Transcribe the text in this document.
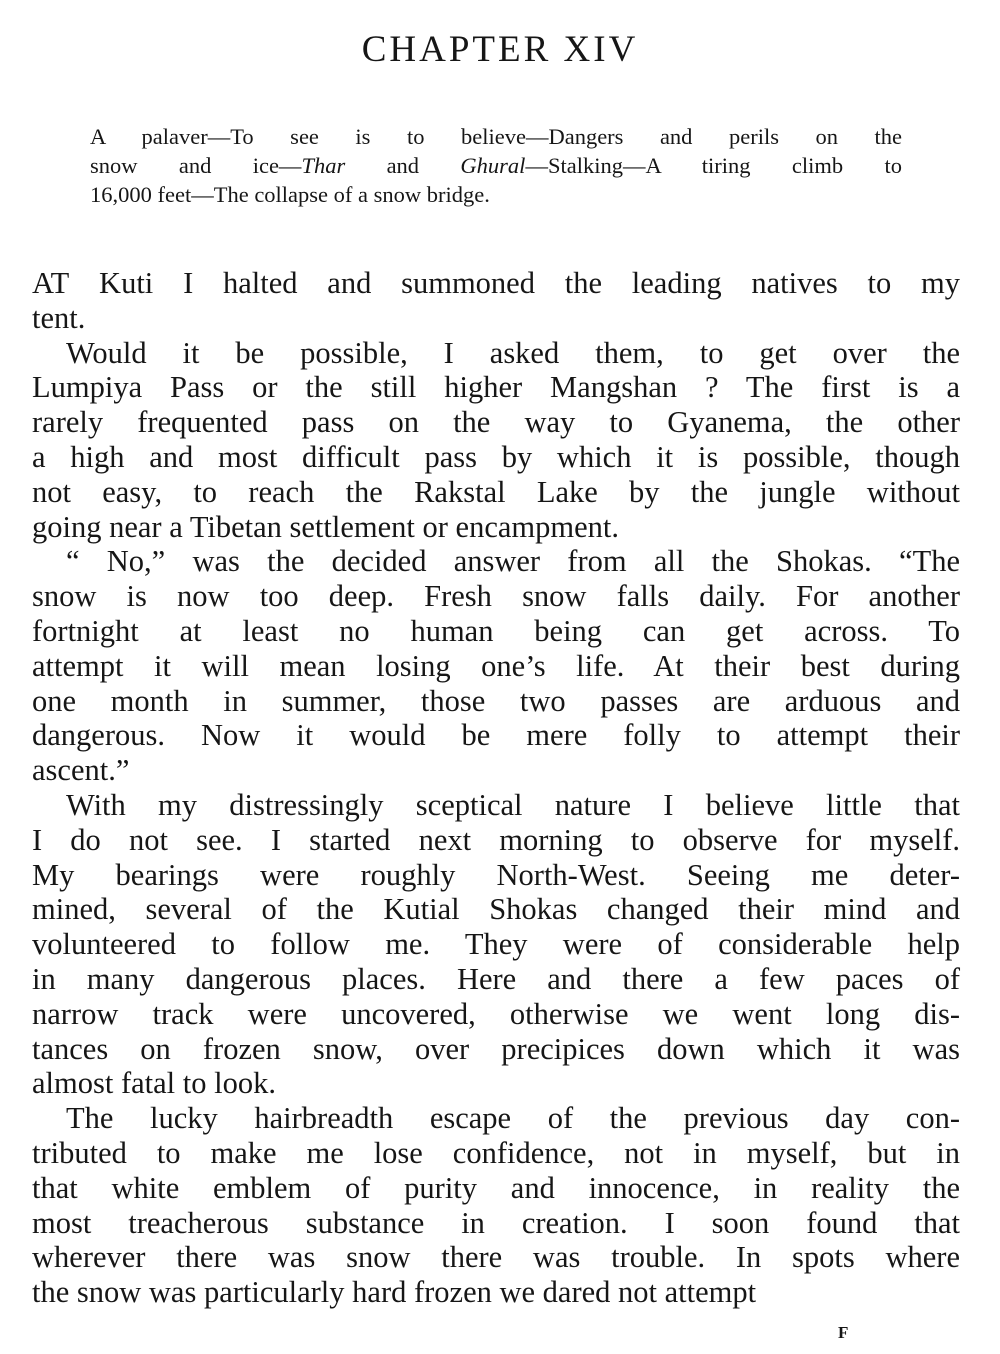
CHAPTER XIV
A palaver—To see is to believe—Dangers and perils on the
snow and ice—Thar and Ghural—Stalking—A tiring climb to
16,000 feet—The collapse of a snow bridge.

AT Kuti I halted and summoned the leading natives to my
tent.

Would it be possible, I asked them, to get over the
Lumpiya Pass or the still higher Mangshan ? The first is a
rarely frequented pass on the way to Gyanema, the other
a high and most difficult pass by which it is possible, though
not easy, to reach the Rakstal Lake by the jungle without
going near a Tibetan settlement or encampment.

“ No,” was the decided answer from all the Shokas. “The
snow is now too deep. Fresh snow falls daily. For another
fortnight at least no human being can get across. To
attempt it will mean losing one’s life. At their best during
one month in summer, those two passes are arduous and
dangerous. Now it would be mere folly to attempt their
ascent.”

With my distressingly sceptical nature I believe little that
I do not see. I started next morning to observe for myself.
My bearings were roughly North-West. Seeing me deter-
mined, several of the Kutial Shokas changed their mind and
volunteered to follow me. They were of considerable help
in many dangerous places. Here and there a few paces of
narrow track were uncovered, otherwise we went long dis-
tances on frozen snow, over precipices down which it was
almost fatal to look.

The lucky hairbreadth escape of the previous day con-
tributed to make me lose confidence, not in myself, but in
that white emblem of purity and innocence, in reality the
most treacherous substance in creation. I soon found that
wherever there was snow there was trouble. In spots where
the snow was particularly hard frozen we dared not attempt

F
